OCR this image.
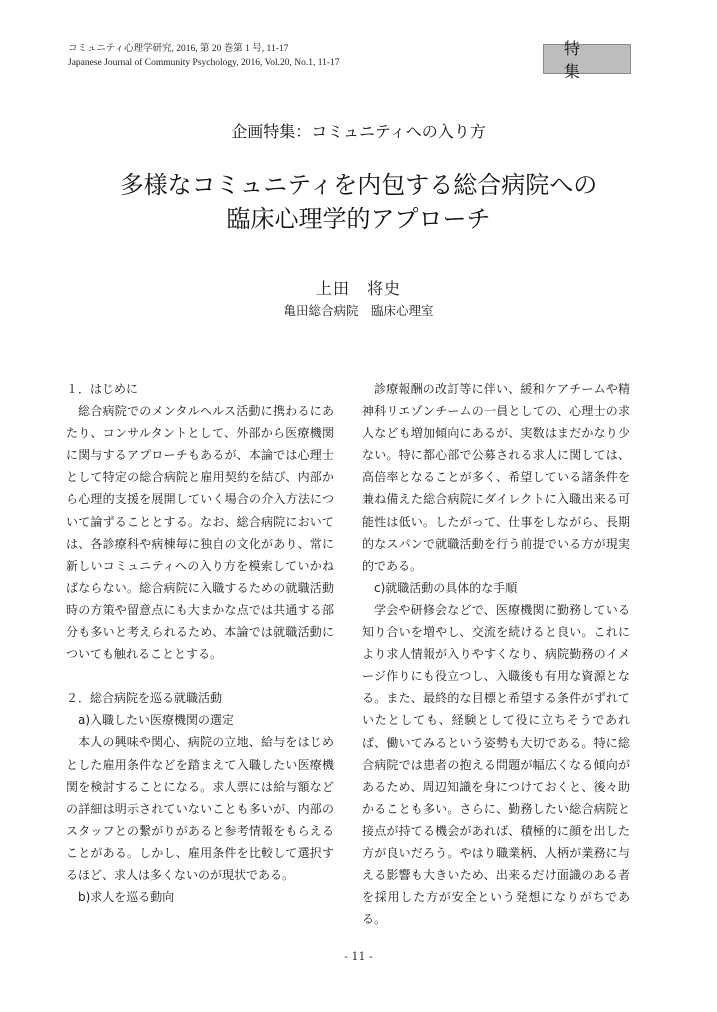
コミュニティ心理学研究, 2016, 第 20 巻第 1 号, 11-17
Japanese Journal of Community Psychology, 2016, Vol.20, No.1, 11-17
特集
企画特集：コミュニティへの入り方
多様なコミュニティを内包する総合病院への
臨床心理学的アプローチ
上田　将史
亀田総合病院　臨床心理室
１．はじめに
総合病院でのメンタルヘルス活動に携わるにあたり、コンサルタントとして、外部から医療機関に関与するアプローチもあるが、本論では心理士として特定の総合病院と雇用契約を結び、内部から心理的支援を展開していく場合の介入方法について論ずることとする。なお、総合病院においては、各診療科や病棟毎に独自の文化があり、常に新しいコミュニティへの入り方を模索していかねばならない。総合病院に入職するための就職活動時の方策や留意点にも大まかな点では共通する部分も多いと考えられるため、本論では就職活動についても触れることとする。
２．総合病院を巡る就職活動
a)入職したい医療機関の選定
本人の興味や関心、病院の立地、給与をはじめとした雇用条件などを踏まえて入職したい医療機関を検討することになる。求人票には給与額などの詳細は明示されていないことも多いが、内部のスタッフとの繋がりがあると参考情報をもらえることがある。しかし、雇用条件を比較して選択するほど、求人は多くないのが現状である。
b)求人を巡る動向
診療報酬の改訂等に伴い、緩和ケアチームや精神科リエゾンチームの一員としての、心理士の求人なども増加傾向にあるが、実数はまだかなり少ない。特に都心部で公募される求人に関しては、高倍率となることが多く、希望している諸条件を兼ね備えた総合病院にダイレクトに入職出来る可能性は低い。したがって、仕事をしながら、長期的なスパンで就職活動を行う前提でいる方が現実的である。
c)就職活動の具体的な手順
学会や研修会などで、医療機関に勤務している知り合いを増やし、交流を続けると良い。これにより求人情報が入りやすくなり、病院勤務のイメージ作りにも役立つし、入職後も有用な資源となる。また、最終的な目標と希望する条件がずれていたとしても、経験として役に立ちそうであれば、働いてみるという姿勢も大切である。特に総合病院では患者の抱える問題が幅広くなる傾向があるため、周辺知識を身につけておくと、後々助かることも多い。さらに、勤務したい総合病院と接点が持てる機会があれば、積極的に顔を出した方が良いだろう。やはり職業柄、人柄が業務に与える影響も大きいため、出来るだけ面識のある者を採用した方が安全という発想になりがちである。
- 11 -
